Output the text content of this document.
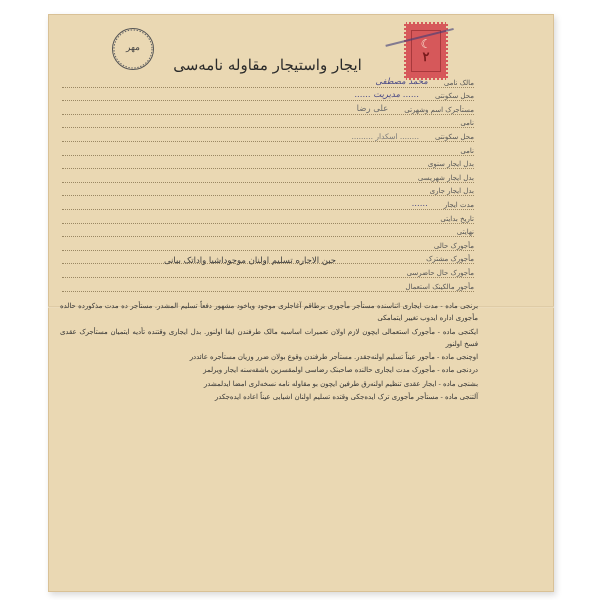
مهر
ایجار واستیجار مقاوله نامه‌سی
☾
۲
مالک نامی
محمد مصطفی
محل سکونتی
...... مدیریت ......
مستأجرک اسم وشهرتی
علی رضا
نامی
محل سکونتی
........ اسکدار .........
نامی
بدل ایجار سنوی
بدل ایجار شهریسی
بدل ایجار جاری
مدت ایجار
......
تاریخ بدایتی
نهایتی
مأجورک حالی
مأجورک مشترک
مأجورک حال حاضرسی
مأجور مالکینک استعمال
حین الاجاره تسلیم اولنان موجوداشیا واداتک بیانی
برنجی ماده - مدت ایجاری اثناسنده مستأجر مأجوری برطاقم آغاجلری موجود ویاخود مشهور دفعاً تسلیم المشدر. مستأجر ده مدت مذکورده حالده مأجوری اداره ایدوب تغییر ایتمامکی
ایکنجی ماده - مأجورک استعمالی ایچون لازم اولان تعمیرات اساسیه مالک طرفندن ایفا اولنور. بدل ایجاری وقتنده تأدیه ایتمیان مستأجرک عقدی فسخ اولنور
اوچنجی ماده - مأجور عیناً تسلیم اولنه‌جقدر. مستأجر طرفندن وقوع بولان ضرر وزیان مستأجره عائددر
دردنجی ماده - مأجورک مدت ایجاری حالنده صاحبنک رضاسی اولمقسزین باشقه‌سنه ایجار ویرلمز
بشنجی ماده - ایجار عقدی تنظیم اولنه‌رق طرفین ایچون بو مقاوله نامه نسخه‌لری امضا ایدلمشدر
آلتنجی ماده - مستأجر مأجوری ترک ایده‌جکی وقتده تسلیم اولنان اشیایی عیناً اعاده ایده‌جکدر
